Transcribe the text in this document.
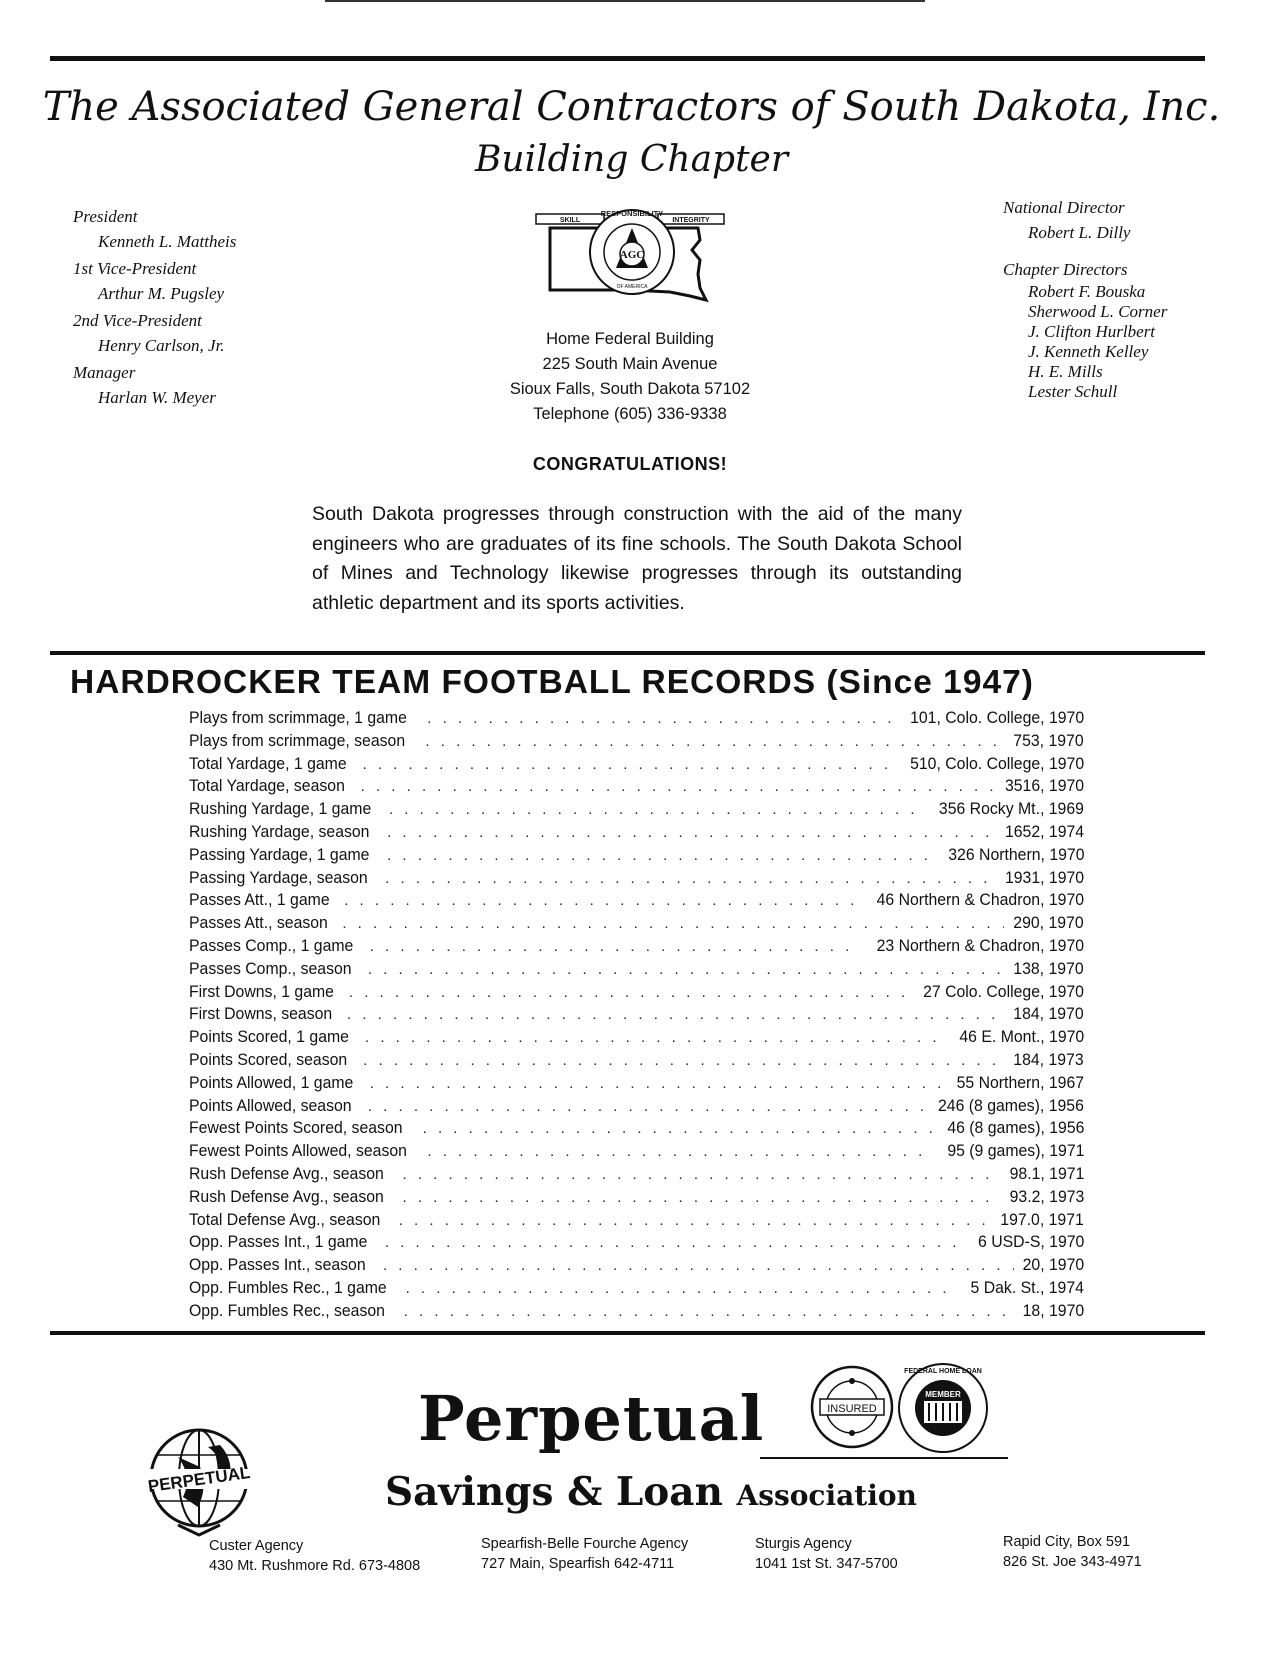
The Associated General Contractors of South Dakota, Inc.
Building Chapter
President
Kenneth L. Mattheis
1st Vice-President
Arthur M. Pugsley
2nd Vice-President
Henry Carlson, Jr.
Manager
Harlan W. Meyer
National Director
Robert L. Dilly
Chapter Directors
Robert F. Bouska
Sherwood L. Corner
J. Clifton Hurlbert
J. Kenneth Kelley
H. E. Mills
Lester Schull
SKILL	INTEGRITY
RESPONSIBILITY
OF AMERICA
AGC
Home Federal Building
225 South Main Avenue
Sioux Falls, South Dakota 57102
Telephone (605) 336-9338
CONGRATULATIONS!
South Dakota progresses through construction with the aid of the many engineers who are graduates of its fine schools. The South Dakota School of Mines and Technology likewise progresses through its outstanding athletic department and its sports activities.
HARDROCKER TEAM FOOTBALL RECORDS (Since 1947)
Plays from scrimmage, 1 game . . .	101, Colo. College, 1970
Plays from scrimmage, season . . .	753, 1970
Total Yardage, 1 game . . .	510, Colo. College, 1970
Total Yardage, season . . .	3516, 1970
Rushing Yardage, 1 game . . .	356 Rocky Mt., 1969
Rushing Yardage, season . . .	1652, 1974
Passing Yardage, 1 game . . .	326 Northern, 1970
Passing Yardage, season . . .	1931, 1970
Passes Att., 1 game . . .	46 Northern & Chadron, 1970
Passes Att., season . . .	290, 1970
Passes Comp., 1 game . . .	23 Northern & Chadron, 1970
Passes Comp., season . . .	138, 1970
First Downs, 1 game . . .	27 Colo. College, 1970
First Downs, season . . .	184, 1970
Points Scored, 1 game . . .	46 E. Mont., 1970
Points Scored, season . . .	184, 1973
Points Allowed, 1 game . . .	55 Northern, 1967
Points Allowed, season . . .	246 (8 games), 1956
Fewest Points Scored, season . . .	46 (8 games), 1956
Fewest Points Allowed, season . . .	95 (9 games), 1971
Rush Defense Avg., season . . .	98.1, 1971
Rush Defense Avg., season . . .	93.2, 1973
Total Defense Avg., season . . .	197.0, 1971
Opp. Passes Int., 1 game . . .	6 USD-S, 1970
Opp. Passes Int., season . . .	20, 1970
Opp. Fumbles Rec., 1 game . . .	5 Dak. St., 1974
Opp. Fumbles Rec., season . . .	18, 1970
PERPETUAL
Perpetual	INSURED
MEMBER
FEDERAL HOME LOAN
Savings & Loan Association
Custer Agency
430 Mt. Rushmore Rd. 673-4808
Spearfish-Belle Fourche Agency
727 Main, Spearfish 642-4711
Sturgis Agency
1041 1st St. 347-5700
Rapid City, Box 591
826 St. Joe 343-4971
